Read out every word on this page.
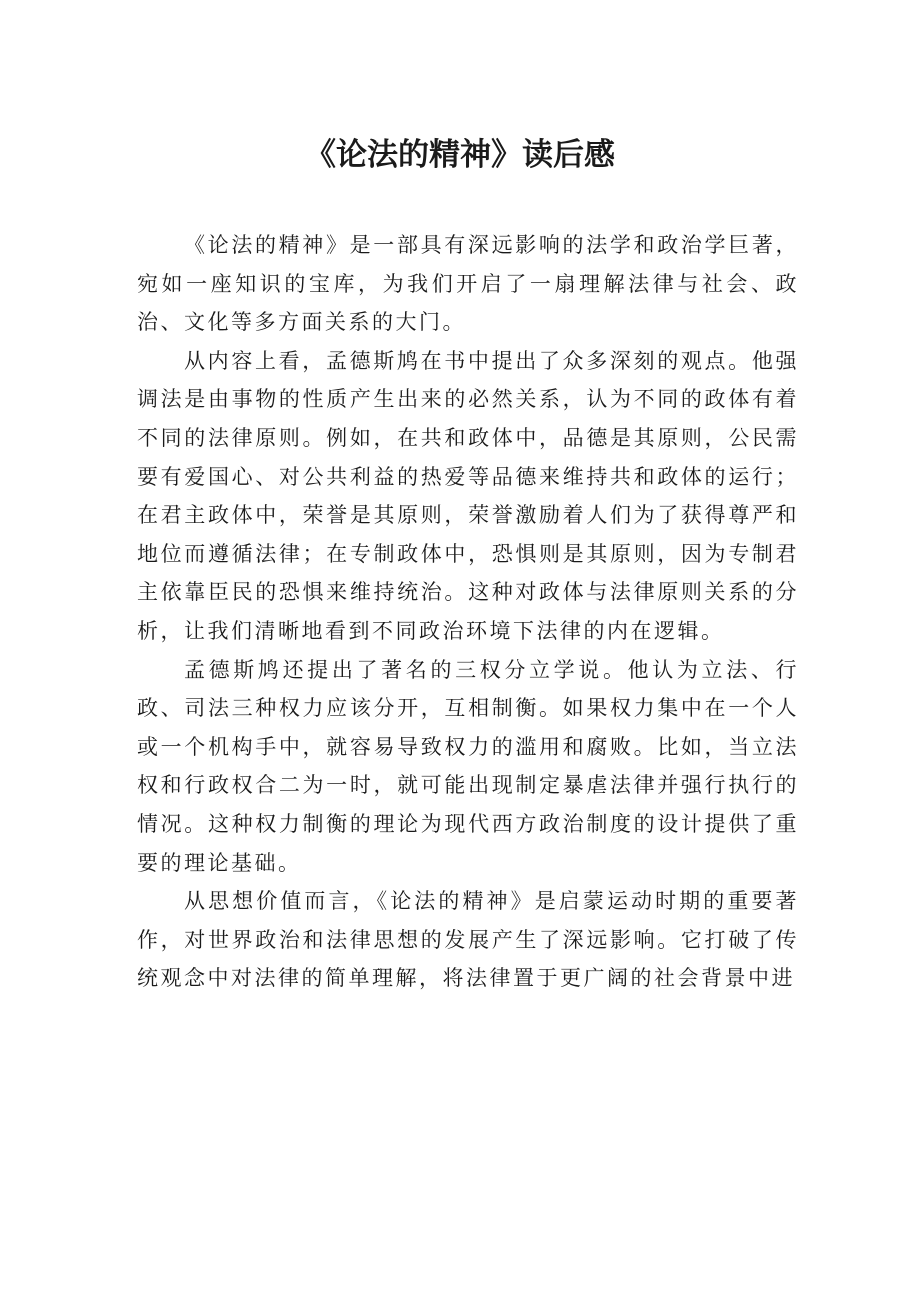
《论法的精神》读后感

《论法的精神》是一部具有深远影响的法学和政治学巨著，宛如一座知识的宝库，为我们开启了一扇理解法律与社会、政治、文化等多方面关系的大门。

从内容上看，孟德斯鸠在书中提出了众多深刻的观点。他强调法是由事物的性质产生出来的必然关系，认为不同的政体有着不同的法律原则。例如，在共和政体中，品德是其原则，公民需要有爱国心、对公共利益的热爱等品德来维持共和政体的运行；在君主政体中，荣誉是其原则，荣誉激励着人们为了获得尊严和地位而遵循法律；在专制政体中，恐惧则是其原则，因为专制君主依靠臣民的恐惧来维持统治。这种对政体与法律原则关系的分析，让我们清晰地看到不同政治环境下法律的内在逻辑。

孟德斯鸠还提出了著名的三权分立学说。他认为立法、行政、司法三种权力应该分开，互相制衡。如果权力集中在一个人或一个机构手中，就容易导致权力的滥用和腐败。比如，当立法权和行政权合二为一时，就可能出现制定暴虐法律并强行执行的情况。这种权力制衡的理论为现代西方政治制度的设计提供了重要的理论基础。

从思想价值而言，《论法的精神》是启蒙运动时期的重要著作，对世界政治和法律思想的发展产生了深远影响。它打破了传统观念中对法律的简单理解，将法律置于更广阔的社会背景中进
